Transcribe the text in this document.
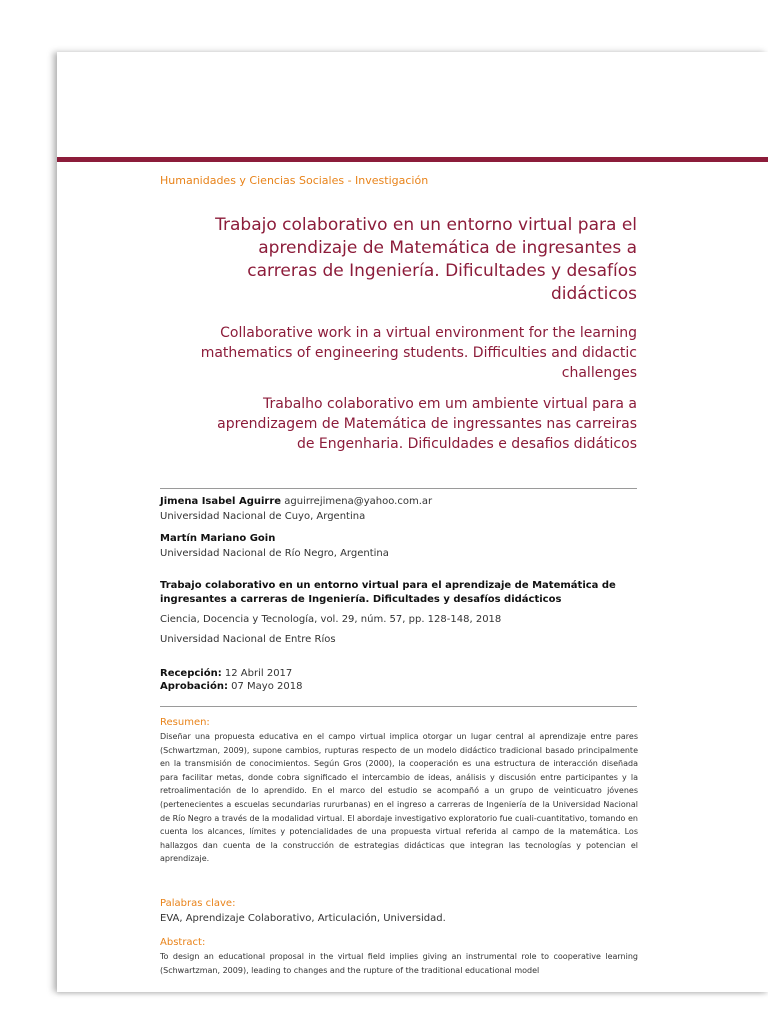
Humanidades y Ciencias Sociales - Investigación
Trabajo colaborativo en un entorno virtual para el aprendizaje de Matemática de ingresantes a carreras de Ingeniería. Dificultades y desafíos didácticos
Collaborative work in a virtual environment for the learning mathematics of engineering students. Difficulties and didactic challenges
Trabalho colaborativo em um ambiente virtual para a aprendizagem de Matemática de ingressantes nas carreiras de Engenharia. Dificuldades e desafios didáticos
Jimena Isabel Aguirre aguirrejimena@yahoo.com.ar
Universidad Nacional de Cuyo, Argentina
Martín Mariano Goin
Universidad Nacional de Río Negro, Argentina
Trabajo colaborativo en un entorno virtual para el aprendizaje de Matemática de ingresantes a carreras de Ingeniería. Dificultades y desafíos didácticos
Ciencia, Docencia y Tecnología, vol. 29, núm. 57, pp. 128-148, 2018
Universidad Nacional de Entre Ríos
Recepción: 12 Abril 2017
Aprobación: 07 Mayo 2018
Resumen:

Diseñar una propuesta educativa en el campo virtual implica otorgar un lugar central al aprendizaje entre pares (Schwartzman, 2009), supone cambios, rupturas respecto de un modelo didáctico tradicional basado principalmente en la transmisión de conocimientos. Según Gros (2000), la cooperación es una estructura de interacción diseñada para facilitar metas, donde cobra significado el intercambio de ideas, análisis y discusión entre participantes y la retroalimentación de lo aprendido. En el marco del estudio se acompañó a un grupo de veinticuatro jóvenes (pertenecientes a escuelas secundarias rururbanas) en el ingreso a carreras de Ingeniería de la Universidad Nacional de Río Negro a través de la modalidad virtual. El abordaje investigativo exploratorio fue cuali-cuantitativo, tomando en cuenta los alcances, límites y potencialidades de una propuesta virtual referida al campo de la matemática. Los hallazgos dan cuenta de la construcción de estrategias didácticas que integran las tecnologías y potencian el aprendizaje.

Palabras clave:
EVA, Aprendizaje Colaborativo, Articulación, Universidad.
Abstract:

To design an educational proposal in the virtual field implies giving an instrumental role to cooperative learning (Schwartzman, 2009), leading to changes and the rupture of the traditional educational model
